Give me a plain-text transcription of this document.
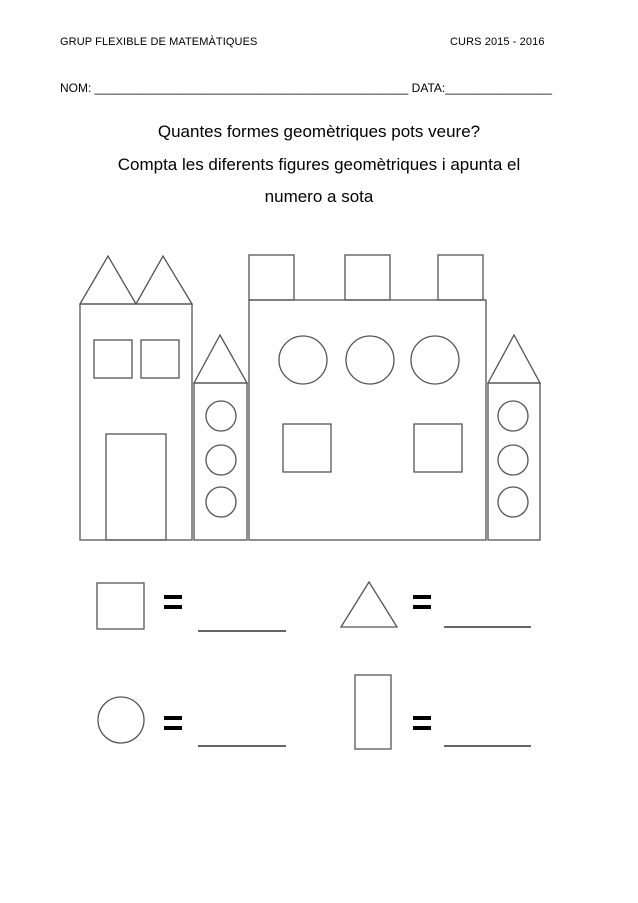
GRUP FLEXIBLE DE MATEMÀTIQUES	CURS 2015 - 2016
NOM: _______________________________________________ DATA:________________
Quantes formes geomètriques pots veure?
Compta les diferents figures geomètriques i apunta el
numero a sota
